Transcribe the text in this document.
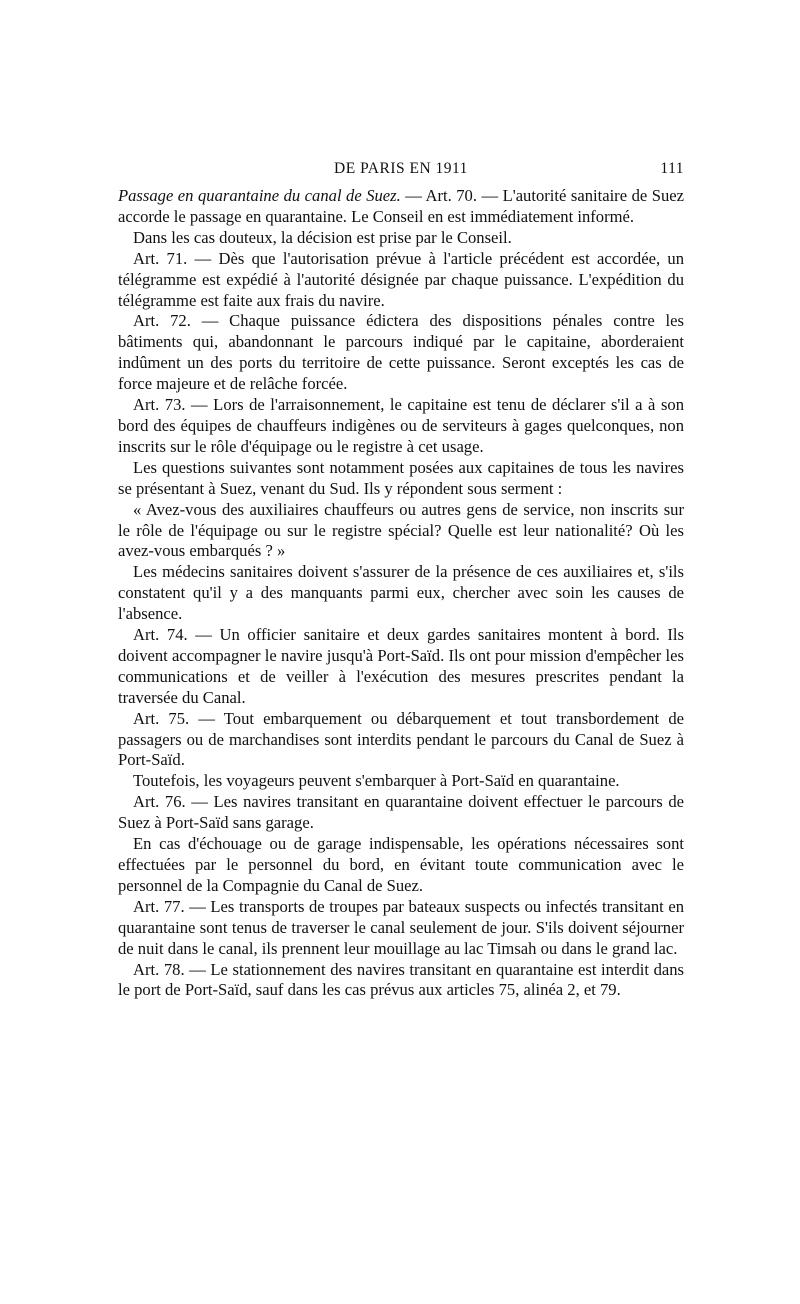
DE PARIS EN 1911	111

Passage en quarantaine du canal de Suez. — Art. 70. — L'autorité sanitaire de Suez accorde le passage en quarantaine. Le Conseil en est immédiatement informé.

Dans les cas douteux, la décision est prise par le Conseil.

Art. 71. — Dès que l'autorisation prévue à l'article précédent est accordée, un télégramme est expédié à l'autorité désignée par chaque puissance. L'expédition du télégramme est faite aux frais du navire.

Art. 72. — Chaque puissance édictera des dispositions pénales contre les bâtiments qui, abandonnant le parcours indiqué par le capitaine, aborderaient indûment un des ports du territoire de cette puissance. Seront exceptés les cas de force majeure et de relâche forcée.

Art. 73. — Lors de l'arraisonnement, le capitaine est tenu de déclarer s'il a à son bord des équipes de chauffeurs indigènes ou de serviteurs à gages quelconques, non inscrits sur le rôle d'équipage ou le registre à cet usage.

Les questions suivantes sont notamment posées aux capitaines de tous les navires se présentant à Suez, venant du Sud. Ils y répondent sous serment :

« Avez-vous des auxiliaires chauffeurs ou autres gens de service, non inscrits sur le rôle de l'équipage ou sur le registre spécial? Quelle est leur nationalité? Où les avez-vous embarqués ? »

Les médecins sanitaires doivent s'assurer de la présence de ces auxiliaires et, s'ils constatent qu'il y a des manquants parmi eux, chercher avec soin les causes de l'absence.

Art. 74. — Un officier sanitaire et deux gardes sanitaires montent à bord. Ils doivent accompagner le navire jusqu'à Port-Saïd. Ils ont pour mission d'empêcher les communications et de veiller à l'exécution des mesures prescrites pendant la traversée du Canal.

Art. 75. — Tout embarquement ou débarquement et tout transbordement de passagers ou de marchandises sont interdits pendant le parcours du Canal de Suez à Port-Saïd.

Toutefois, les voyageurs peuvent s'embarquer à Port-Saïd en quarantaine.

Art. 76. — Les navires transitant en quarantaine doivent effectuer le parcours de Suez à Port-Saïd sans garage.

En cas d'échouage ou de garage indispensable, les opérations nécessaires sont effectuées par le personnel du bord, en évitant toute communication avec le personnel de la Compagnie du Canal de Suez.

Art. 77. — Les transports de troupes par bateaux suspects ou infectés transitant en quarantaine sont tenus de traverser le canal seulement de jour. S'ils doivent séjourner de nuit dans le canal, ils prennent leur mouillage au lac Timsah ou dans le grand lac.

Art. 78. — Le stationnement des navires transitant en quarantaine est interdit dans le port de Port-Saïd, sauf dans les cas prévus aux articles 75, alinéa 2, et 79.
